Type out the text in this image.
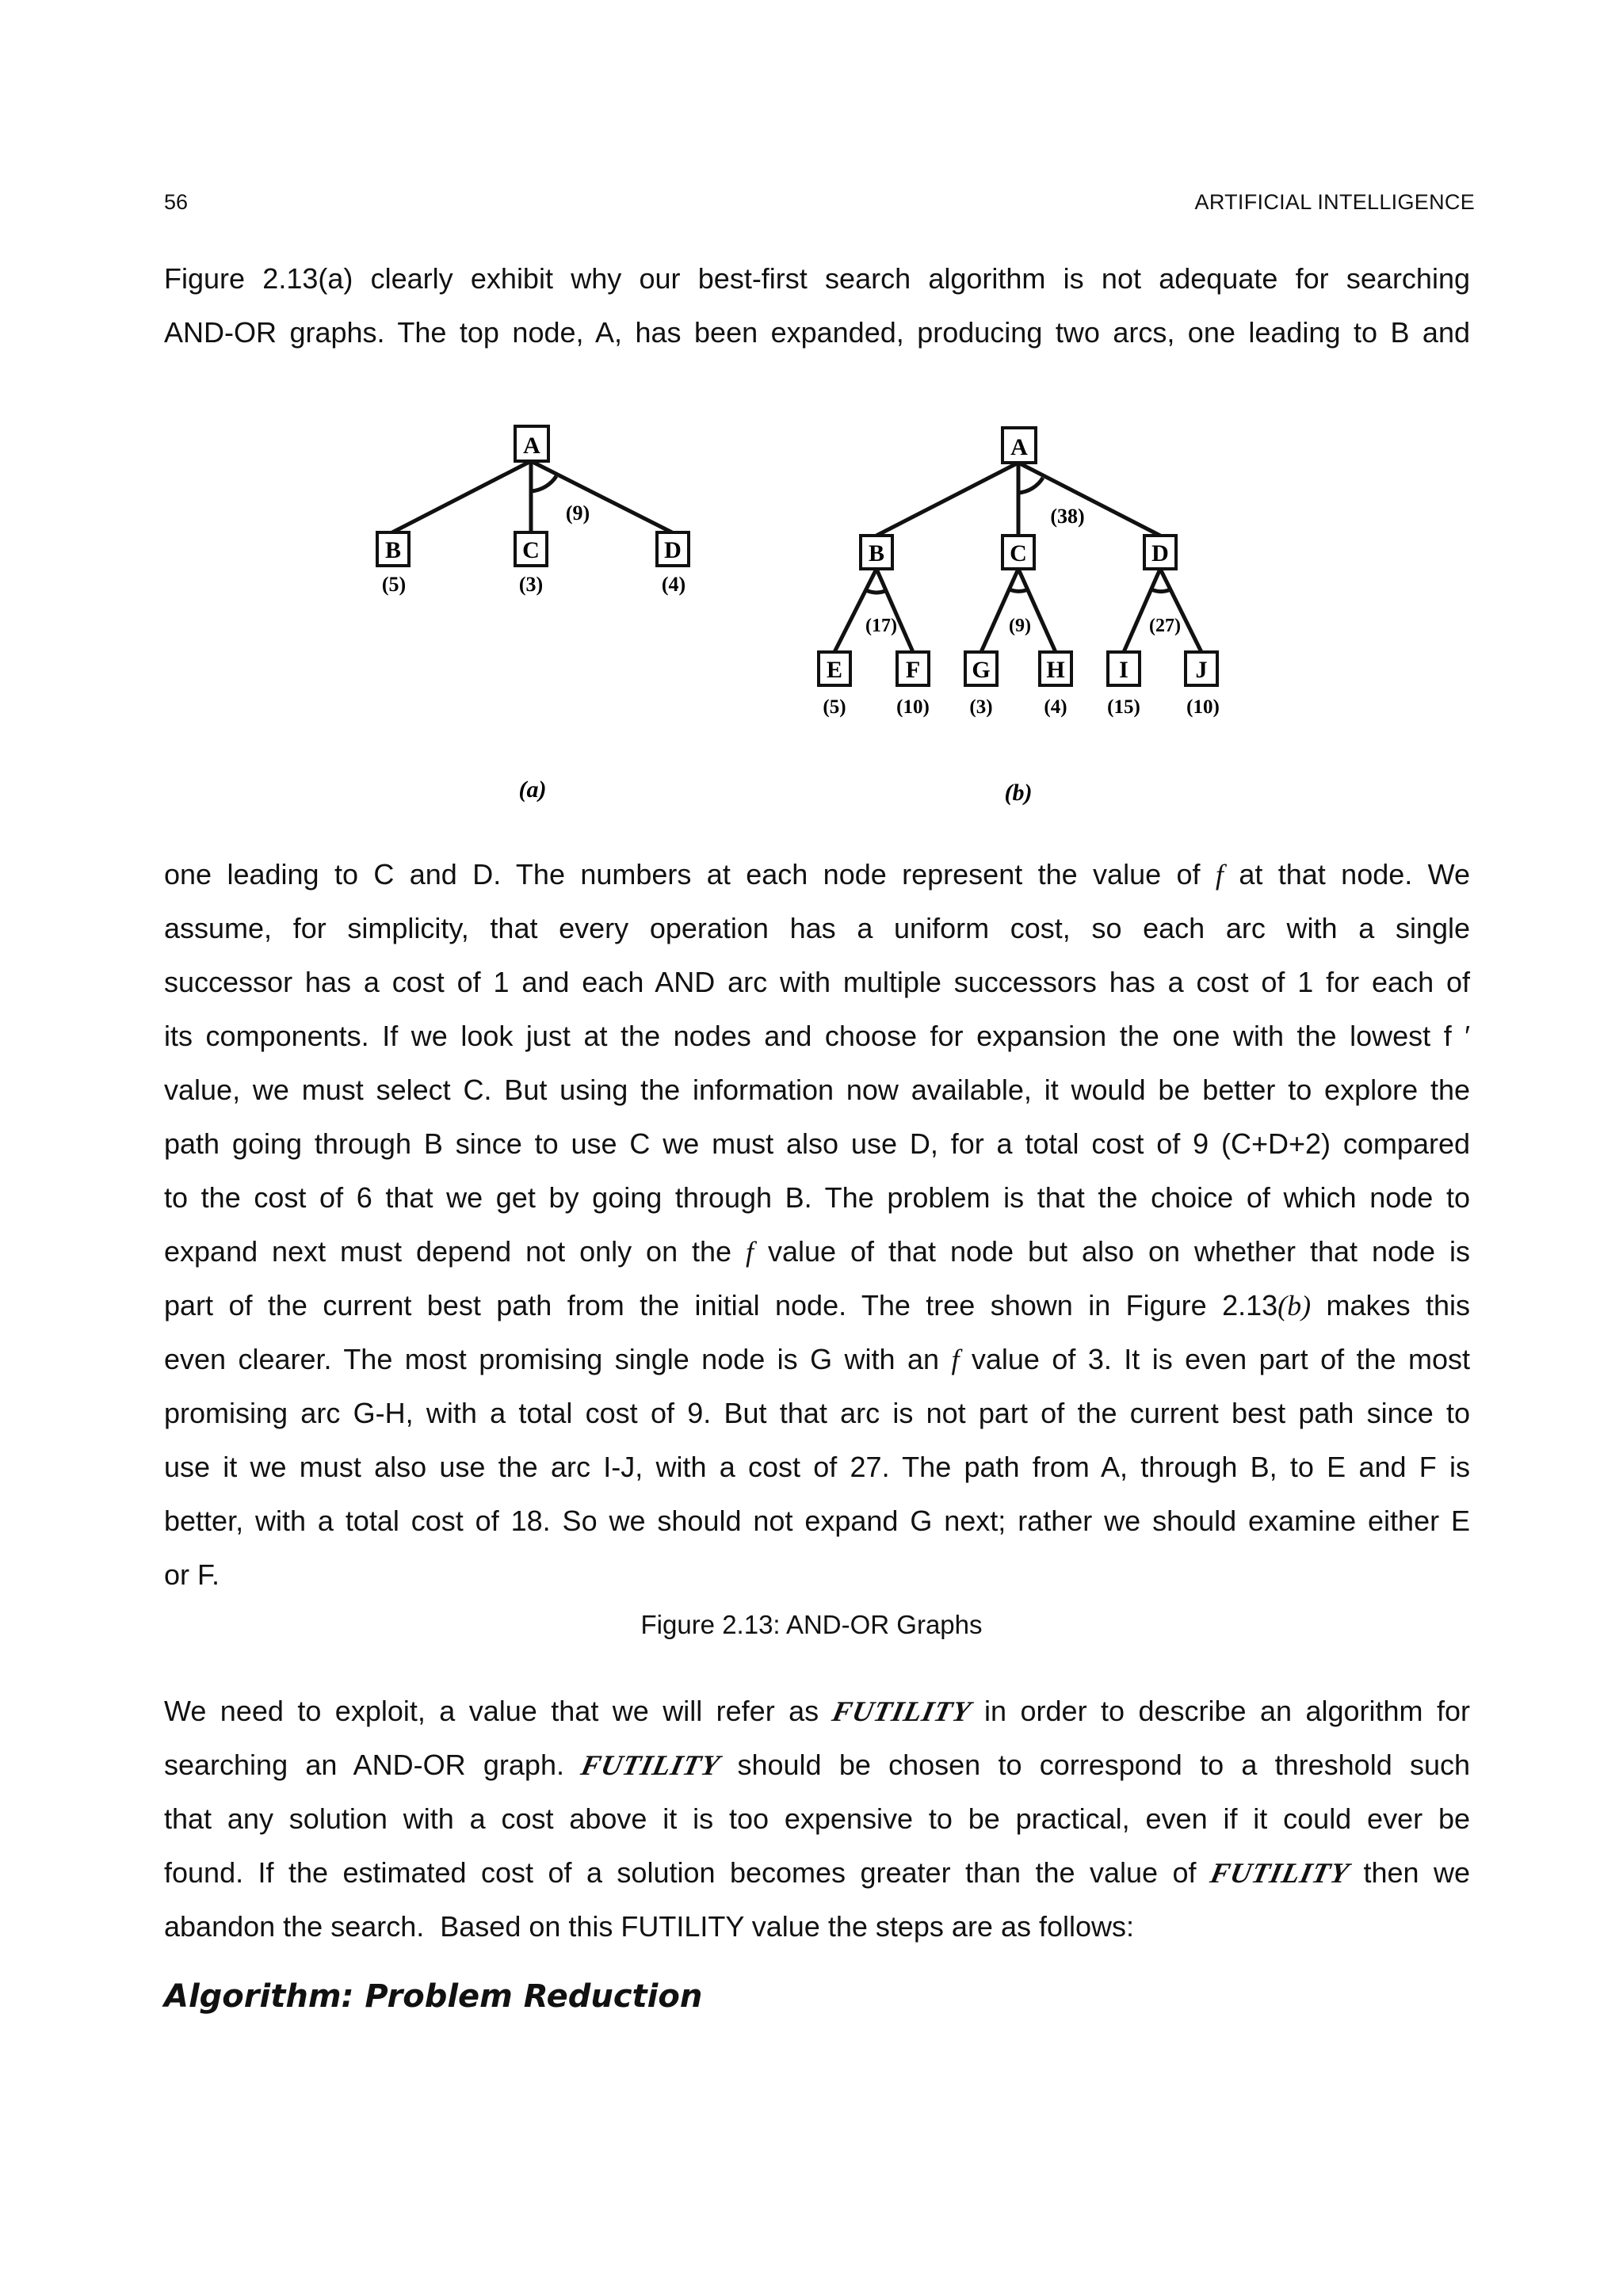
56	ARTIFICIAL INTELLIGENCE
Figure 2.13(a) clearly exhibit why our best-first search algorithm is not adequate for searching
AND-OR graphs. The top node, A, has been expanded, producing two arcs, one leading to B and
A
B	C	D
(9)
(5)	(3)	(4)
(a)
A
B	C	D
E	F G H I	J
(38)
(17)	(9)	(27)
(5)	(10) (3)	(4) (15) (10)
(b)
one leading to C and D. The numbers at each node represent the value of f at that node. We
assume, for simplicity, that every operation has a uniform cost, so each arc with a single
successor has a cost of 1 and each AND arc with multiple successors has a cost of 1 for each of
its components. If we look just at the nodes and choose for expansion the one with the lowest f ′
value, we must select C. But using the information now available, it would be better to explore the
path going through B since to use C we must also use D, for a total cost of 9 (C+D+2) compared
to the cost of 6 that we get by going through B. The problem is that the choice of which node to
expand next must depend not only on the f value of that node but also on whether that node is
part of the current best path from the initial node. The tree shown in Figure 2.13(b) makes this
even clearer. The most promising single node is G with an f value of 3. It is even part of the most
promising arc G-H, with a total cost of 9. But that arc is not part of the current best path since to
use it we must also use the arc I-J, with a cost of 27. The path from A, through B, to E and F is
better, with a total cost of 18. So we should not expand G next; rather we should examine either E
or F.
Figure 2.13: AND-OR Graphs
We need to exploit, a value that we will refer as FUTILITY in order to describe an algorithm for
searching an AND-OR graph. FUTILITY should be chosen to correspond to a threshold such
that any solution with a cost above it is too expensive to be practical, even if it could ever be
found. If the estimated cost of a solution becomes greater than the value of FUTILITY then we
abandon the search.  Based on this FUTILITY value the steps are as follows:
Algorithm: Problem Reduction
